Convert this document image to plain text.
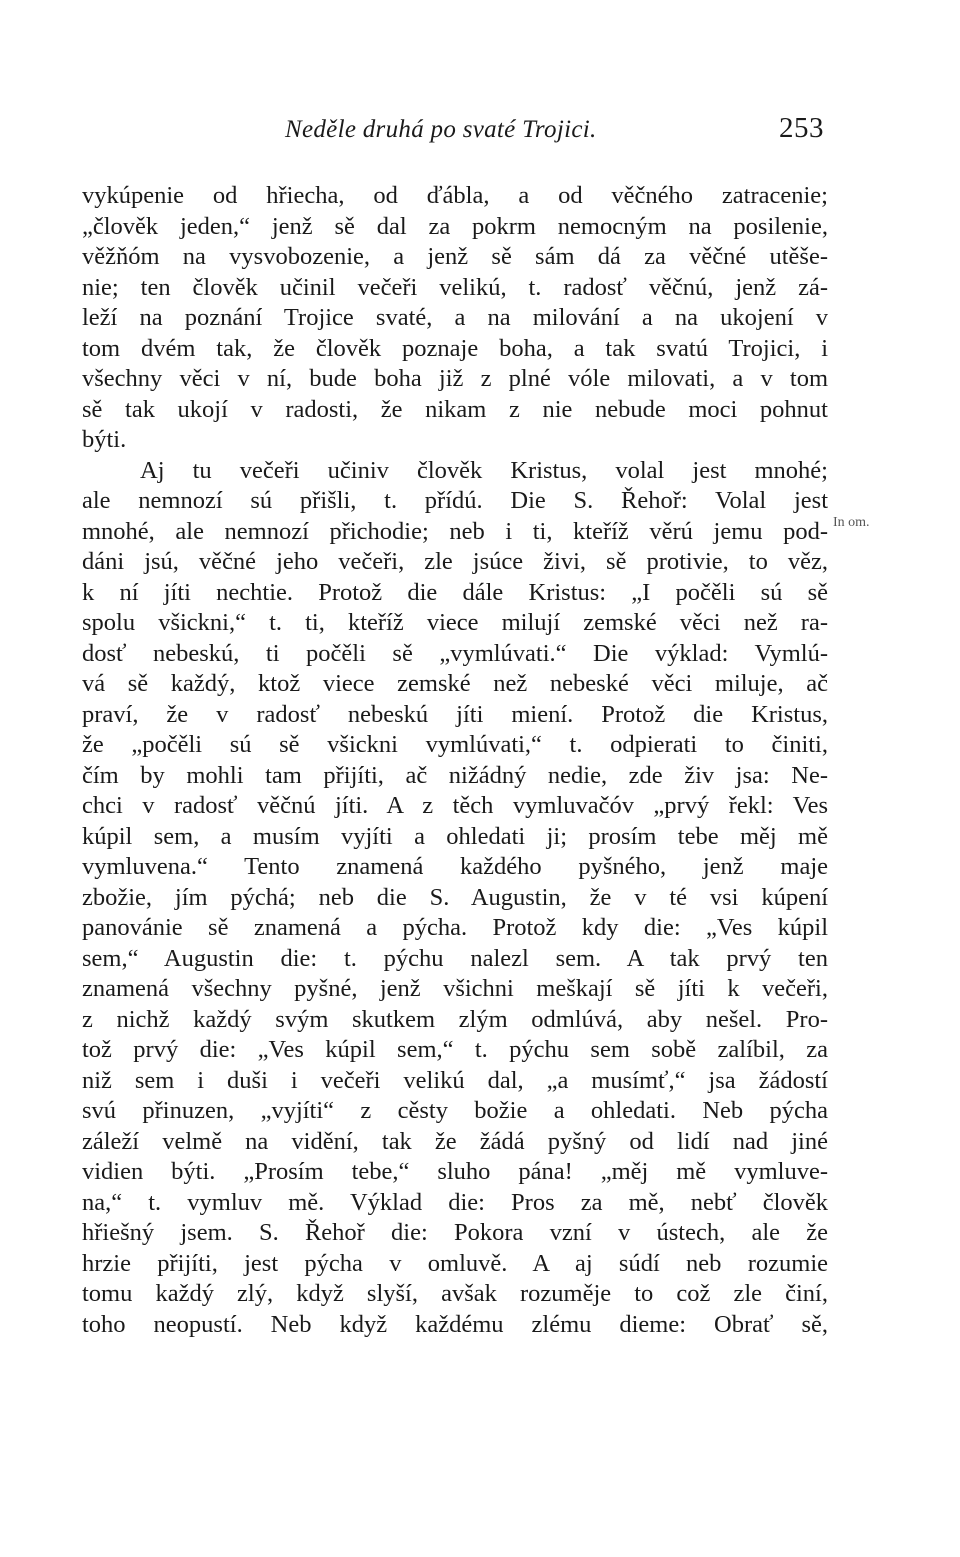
Neděle druhá po svaté Trojici.	253
vykúpenie od hřiecha, od ďábla, a od věčného zatracenie;
„člověk jeden,“ jenž sě dal za pokrm nemocným na posilenie,
věžňóm na vysvobozenie, a jenž sě sám dá za věčné utěše-
nie; ten člověk učinil večeři velikú, t. radosť věčnú, jenž zá-
leží na poznání Trojice svaté, a na milování a na ukojení v
tom dvém tak, že člověk poznaje boha, a tak svatú Trojici, i
všechny věci v ní, bude boha již z plné vóle milovati, a v tom
sě tak ukojí v radosti, že nikam z nie nebude moci pohnut
býti.
Aj tu večeři učiniv člověk Kristus, volal jest mnohé;
ale nemnozí sú přišli, t. přídú. Die S. Řehoř: Volal jest
mnohé, ale nemnozí přichodie; neb i ti, kteříž věrú jemu pod-
dáni jsú, věčné jeho večeři, zle jsúce živi, sě protivie, to věz,
k ní jíti nechtie. Protož die dále Kristus: „I počěli sú sě
spolu všickni,“ t. ti, kteříž viece milují zemské věci než ra-
dosť nebeskú, ti počěli sě „vymlúvati.“ Die výklad: Vymlú-
vá sě každý, ktož viece zemské než nebeské věci miluje, ač
praví, že v radosť nebeskú jíti miení. Protož die Kristus,
že „počěli sú sě všickni vymlúvati,“ t. odpierati to činiti,
čím by mohli tam přijíti, ač nižádný nedie, zde živ jsa: Ne-
chci v radosť věčnú jíti. A z těch vymluvačóv „prvý řekl: Ves
kúpil sem, a musím vyjíti a ohledati ji; prosím tebe měj mě
vymluvena.“ Tento znamená každého pyšného, jenž maje
zbožie, jím pýchá; neb die S. Augustin, že v té vsi kúpení
panovánie sě znamená a pýcha. Protož kdy die: „Ves kúpil
sem,“ Augustin die: t. pýchu nalezl sem. A tak prvý ten
znamená všechny pyšné, jenž všichni meškají sě jíti k večeři,
z nichž každý svým skutkem zlým odmlúvá, aby nešel. Pro-
tož prvý die: „Ves kúpil sem,“ t. pýchu sem sobě zalíbil, za
niž sem i duši i večeři velikú dal, „a musímť,“ jsa žádostí
svú přinuzen, „vyjíti“ z cěsty božie a ohledati. Neb pýcha
záleží velmě na vidění, tak že žádá pyšný od lidí nad jiné
vidien býti. „Prosím tebe,“ sluho pána! „měj mě vymluve-
na,“ t. vymluv mě. Výklad die: Pros za mě, nebť člověk
hřiešný jsem. S. Řehoř die: Pokora vzní v ústech, ale že
hrzie přijíti, jest pýcha v omluvě. A aj súdí neb rozumie
tomu každý zlý, když slyší, avšak rozuměje to což zle činí,
toho neopustí. Neb když každému zlému dieme: Obrať sě,
In om.
